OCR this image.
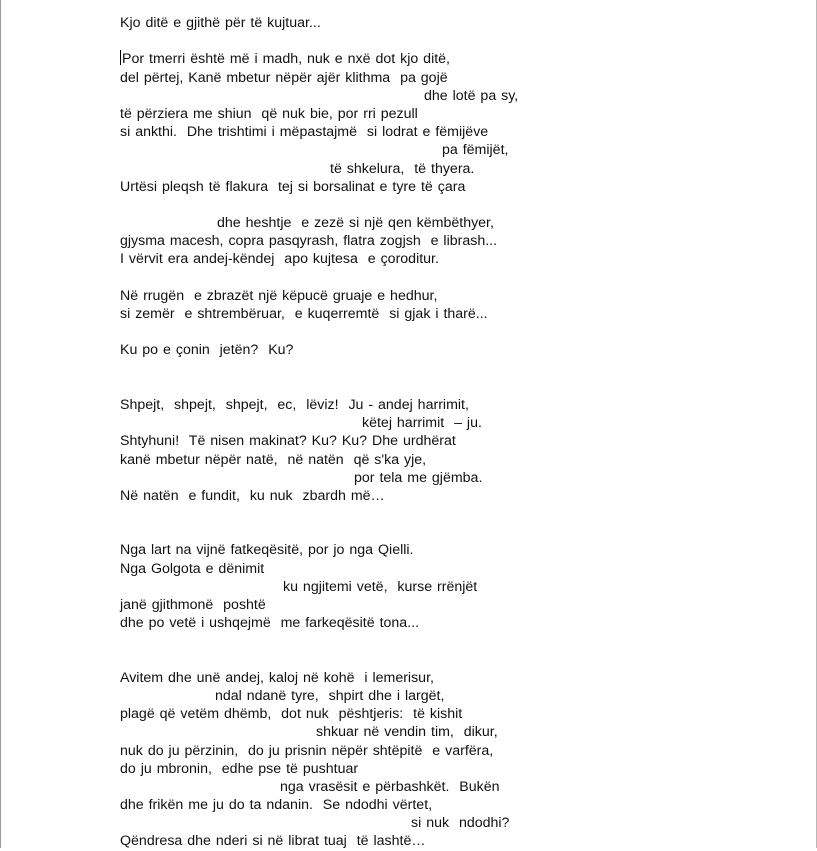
Kjo ditë e gjithë për të kujtuar...
Por tmerri është më i madh, nuk e nxë dot kjo ditë,
del përtej, Kanë mbetur nëpër ajër klithma  pa gojë
dhe lotë pa sy,
të përziera me shiun  që nuk bie, por rri pezull
si ankthi.  Dhe trishtimi i mëpastajmë  si lodrat e fëmijëve
pa fëmijët,
të shkelura,  të thyera.
Urtësi pleqsh të flakura  tej si borsalinat e tyre të çara
dhe heshtje  e zezë si një qen këmbëthyer,
gjysma macesh, copra pasqyrash, flatra zogjsh  e librash...
I vërvit era andej-këndej  apo kujtesa  e çoroditur.
Në rrugën  e zbrazët një këpucë gruaje e hedhur,
si zemër  e shtrembëruar,  e kuqerremtë  si gjak i tharë...
Ku po e çonin  jetën?  Ku?
Shpejt,  shpejt,  shpejt,  ec,  lëviz!  Ju - andej harrimit,
këtej harrimit  – ju.
Shtyhuni!  Të nisen makinat? Ku? Ku? Dhe urdhërat
kanë mbetur nëpër natë,  në natën  që s'ka yje,
por tela me gjëmba.
Në natën  e fundit,  ku nuk  zbardh më…
Nga lart na vijnë fatkeqësitë, por jo nga Qielli.
Nga Golgota e dënimit
ku ngjitemi vetë,  kurse rrënjët
janë gjithmonë  poshtë
dhe po vetë i ushqejmë  me farkeqësitë tona...
Avitem dhe unë andej, kaloj në kohë  i lemerisur,
ndal ndanë tyre,  shpirt dhe i largët,
plagë që vetëm dhëmb,  dot nuk  pështjeris:  të kishit
shkuar në vendin tim,  dikur,
nuk do ju përzinin,  do ju prisnin nëpër shtëpitë  e varfëra,
do ju mbronin,  edhe pse të pushtuar
nga vrasësit e përbashkët.  Bukën
dhe frikën me ju do ta ndanin.  Se ndodhi vërtet,
si nuk  ndodhi?
Qëndresa dhe nderi si në librat tuaj  të lashtë…
